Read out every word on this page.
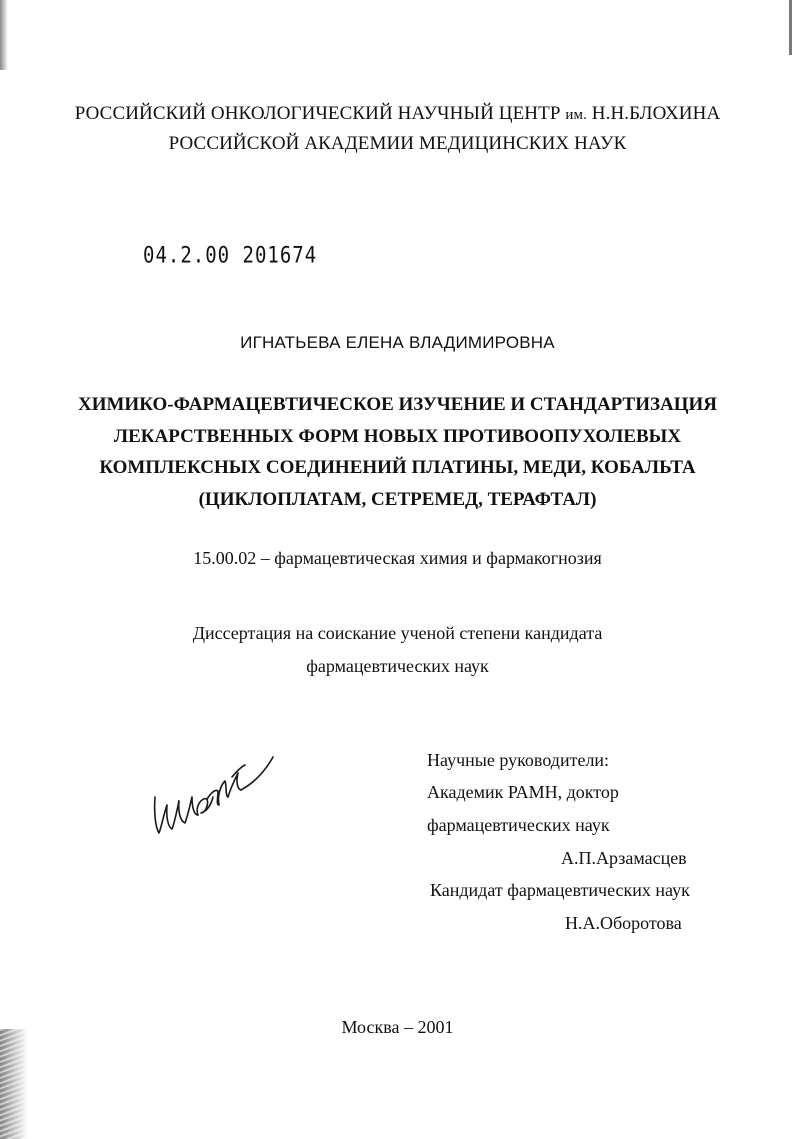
РОССИЙСКИЙ ОНКОЛОГИЧЕСКИЙ НАУЧНЫЙ ЦЕНТР им. Н.Н.БЛОХИНА
РОССИЙСКОЙ АКАДЕМИИ МЕДИЦИНСКИХ НАУК
04.2.00 201674
ИГНАТЬЕВА ЕЛЕНА ВЛАДИМИРОВНА
ХИМИКО-ФАРМАЦЕВТИЧЕСКОЕ ИЗУЧЕНИЕ И СТАНДАРТИЗАЦИЯ
ЛЕКАРСТВЕННЫХ ФОРМ НОВЫХ ПРОТИВООПУХОЛЕВЫХ
КОМПЛЕКСНЫХ СОЕДИНЕНИЙ ПЛАТИНЫ, МЕДИ, КОБАЛЬТА
(ЦИКЛОПЛАТАМ, СЕТРЕМЕД, ТЕРАФТАЛ)
15.00.02 – фармацевтическая химия и фармакогнозия
Диссертация на соискание ученой степени кандидата
фармацевтических наук
Научные руководители:
Академик РАМН, доктор
фармацевтических наук
А.П.Арзамасцев
Кандидат фармацевтических наук
Н.А.Оборотова
Москва – 2001
